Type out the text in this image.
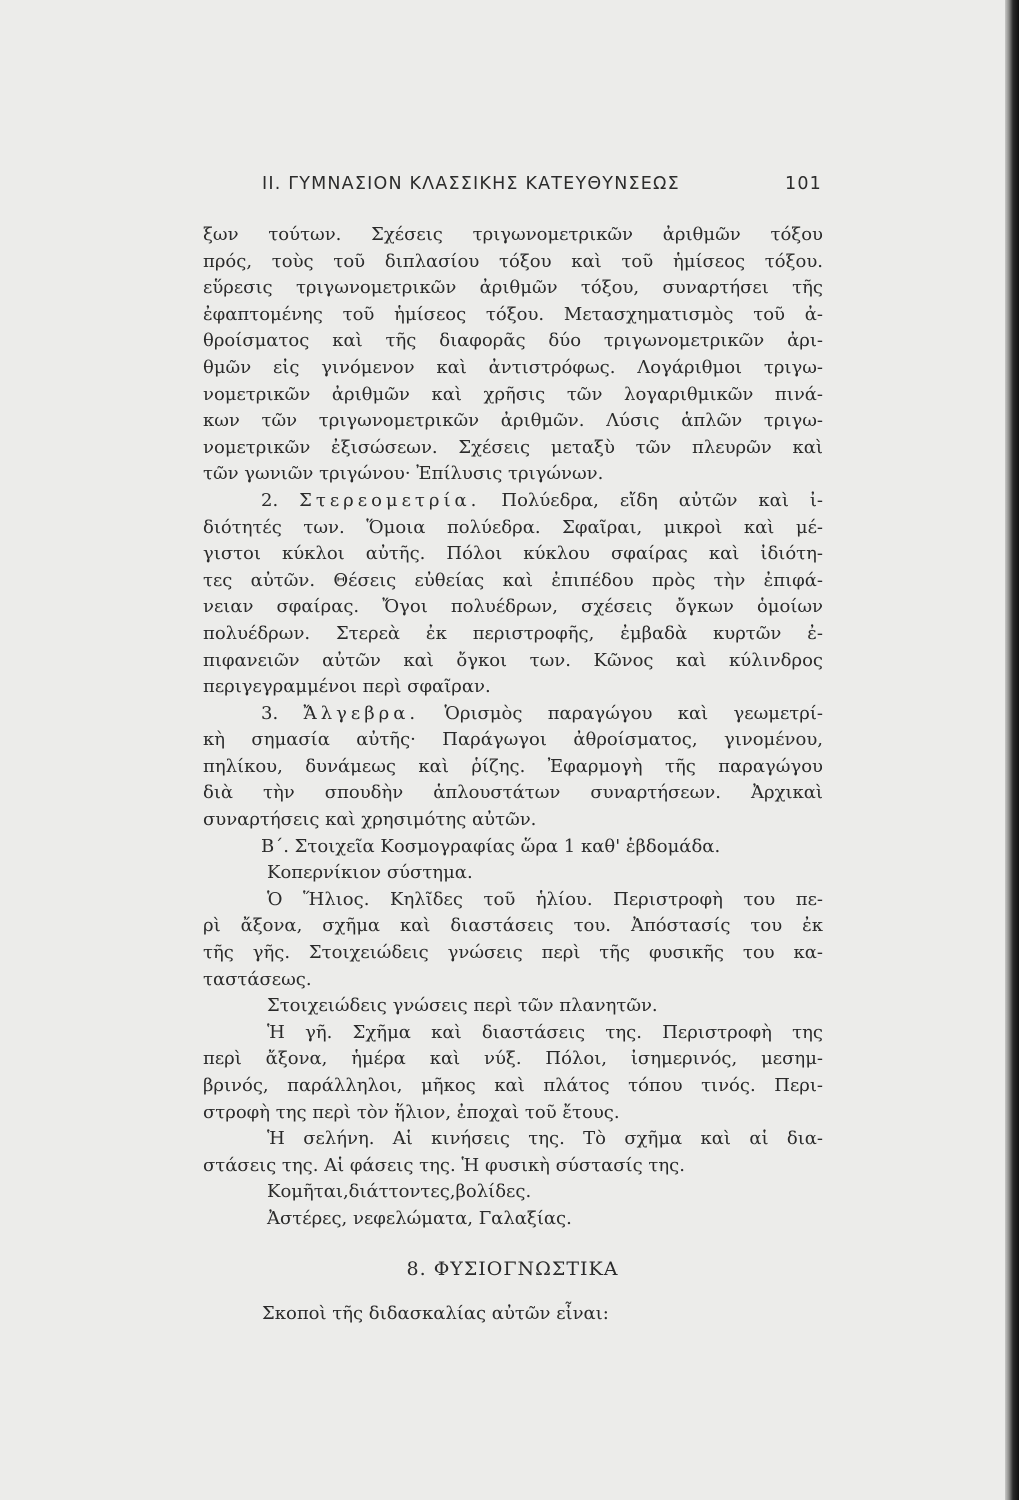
II. ΓΥΜΝΑΣΙΟΝ ΚΛΑΣΣΙΚΗΣ ΚΑΤΕΥΘΥΝΣΕΩΣ	101
ξων τούτων. Σχέσεις τριγωνομετρικῶν ἀριθμῶν τόξου
πρός, τοὺς τοῦ διπλασίου τόξου καὶ τοῦ ἡμίσεος τόξου.
εὕρεσις τριγωνομετρικῶν ἀριθμῶν τόξου, συναρτήσει τῆς
ἐφαπτομένης τοῦ ἡμίσεος τόξου. Μετασχηματισμὸς τοῦ ἀ-
θροίσματος καὶ τῆς διαφορᾶς δύο τριγωνομετρικῶν ἀρι-
θμῶν εἰς γινόμενον καὶ ἀντιστρόφως. Λογάριθμοι τριγω-
νομετρικῶν ἀριθμῶν καὶ χρῆσις τῶν λογαριθμικῶν πινά-
κων τῶν τριγωνομετρικῶν ἀριθμῶν. Λύσις ἁπλῶν τριγω-
νομετρικῶν ἐξισώσεων. Σχέσεις μεταξὺ τῶν πλευρῶν καὶ
τῶν γωνιῶν τριγώνου· Ἐπίλυσις τριγώνων.
2. Στερεομετρία. Πολύεδρα, εἴδη αὐτῶν καὶ ἰ-
διότητές των. Ὅμοια πολύεδρα. Σφαῖραι, μικροὶ καὶ μέ-
γιστοι κύκλοι αὐτῆς. Πόλοι κύκλου σφαίρας καὶ ἰδιότη-
τες αὐτῶν. Θέσεις εὐθείας καὶ ἐπιπέδου πρὸς τὴν ἐπιφά-
νειαν σφαίρας. Ὄγοι πολυέδρων, σχέσεις ὄγκων ὁμοίων
πολυέδρων. Στερεὰ ἐκ περιστροφῆς, ἐμβαδὰ κυρτῶν ἐ-
πιφανειῶν αὐτῶν καὶ ὄγκοι των. Κῶνος καὶ κύλινδρος
περιγεγραμμένοι περὶ σφαῖραν.
3. Ἄλγεβρα. Ὁρισμὸς παραγώγου καὶ γεωμετρί-
κὴ σημασία αὐτῆς· Παράγωγοι ἀθροίσματος, γινομένου,
πηλίκου, δυνάμεως καὶ ῥίζης. Ἐφαρμογὴ τῆς παραγώγου
διὰ τὴν σπουδὴν ἁπλουστάτων συναρτήσεων. Ἀρχικαὶ
συναρτήσεις καὶ χρησιμότης αὐτῶν.
Β΄. Στοιχεῖα Κοσμογραφίας ὥρα 1 καθ' ἑβδομάδα.
Κοπερνίκιον σύστημα.
Ὁ Ἥλιος. Κηλῖδες τοῦ ἡλίου. Περιστροφὴ του πε-
ρὶ ἄξονα, σχῆμα καὶ διαστάσεις του. Ἀπόστασίς του ἐκ
τῆς γῆς. Στοιχειώδεις γνώσεις περὶ τῆς φυσικῆς του κα-
ταστάσεως.
Στοιχειώδεις γνώσεις περὶ τῶν πλανητῶν.
Ἡ γῆ. Σχῆμα καὶ διαστάσεις της. Περιστροφὴ της
περὶ ἄξονα, ἡμέρα καὶ νύξ. Πόλοι, ἰσημερινός, μεσημ-
βρινός, παράλληλοι, μῆκος καὶ πλάτος τόπου τινός. Περι-
στροφὴ της περὶ τὸν ἥλιον, ἐποχαὶ τοῦ ἔτους.
Ἡ σελήνη. Αἱ κινήσεις της. Τὸ σχῆμα καὶ αἱ δια-
στάσεις της. Αἱ φάσεις της. Ἡ φυσικὴ σύστασίς της.
Κομῆται,διάττοντες,βολίδες.
Ἀστέρες, νεφελώματα, Γαλαξίας.
8. ΦΥΣΙΟΓΝΩΣΤΙΚΑ
Σκοποὶ τῆς διδασκαλίας αὐτῶν εἶναι:
